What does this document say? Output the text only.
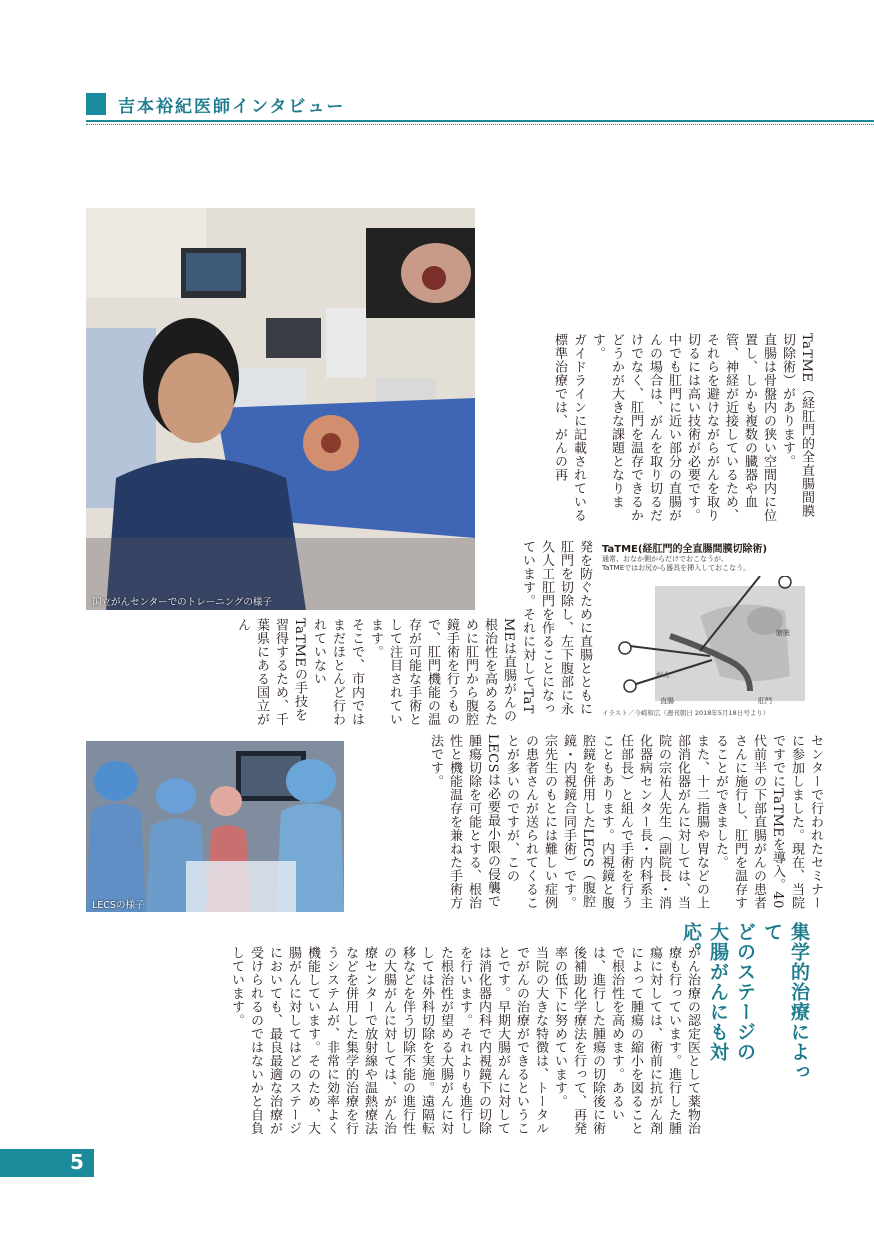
吉本裕紀医師インタビュー
国立がんセンターでのトレーニングの様子
LECSの様子
TaTME(経肛門的全直腸間膜切除術)
通常、おなか側からだけでおこなうが、
TaTMEではお尻から器具を挿入しておこなう。
膀胱
がん
直腸	肛門
イラスト／今崎和広（週刊朝日 2018年5月18日号より）
TaTME（経肛門的全直腸間膜切除術）があります。
直腸は骨盤内の狭い空間内に位置し、しかも複数の臓器や血管、神経が近接しているため、それらを避けながらがんを取り切るには高い技術が必要です。中でも肛門に近い部分の直腸がんの場合は、がんを取り切るだけでなく、肛門を温存できるかどうかが大きな課題となります。
ガイドラインに記載されている標準治療では、がんの再
発を防ぐために直腸とともに肛門を切除し、左下腹部に永久人工肛門を作ることになっています。それに対してTaT
MEは直腸がんの根治性を高めるために肛門から腹腔鏡手術を行うもので、肛門機能の温存が可能な手術として注目されています。
そこで、市内ではまだほとんど行われていないTaTMEの手技を習得するため、千葉県にある国立がん
センターで行われたセミナーに参加しました。現在、当院ですでにTaTMEを導入。40代前半の下部直腸がんの患者さんに施行し、肛門を温存することができました。
また、十二指腸や胃などの上部消化器がんに対しては、当院の宗祐人先生（副院長・消化器病センター長・内科系主任部長）と組んで手術を行うこともあります。内視鏡と腹腔鏡を併用したLECS（腹腔鏡・内視鏡合同手術）です。宗先生のもとには難しい症例の患者さんが送られてくることが多いのですが、このLECSは必要最小限の侵襲で腫瘍切除を可能とする、根治性と機能温存を兼ねた手術方法です。
集学的治療によって
どのステージの
大腸がんにも対応。
がん治療の認定医として薬物治療も行っています。進行した腫瘍に対しては、術前に抗がん剤によって腫瘍の縮小を図ることで根治性を高めます。あるいは、進行した腫瘍の切除後に術後補助化学療法を行って、再発率の低下に努めています。
当院の大きな特徴は、トータルでがんの治療ができるということです。早期大腸がんに対しては消化器内科で内視鏡下の切除を行います。それよりも進行した根治性が望める大腸がんに対しては外科切除を実施。遠隔転移などを伴う切除不能の進行性の大腸がんに対しては、がん治療センターで放射線や温熱療法などを併用した集学的治療を行うシステムが、非常に効率よく機能しています。そのため、大腸がんに対してはどのステージにおいても、最良最適な治療が受けられるのではないかと自負しています。
5
